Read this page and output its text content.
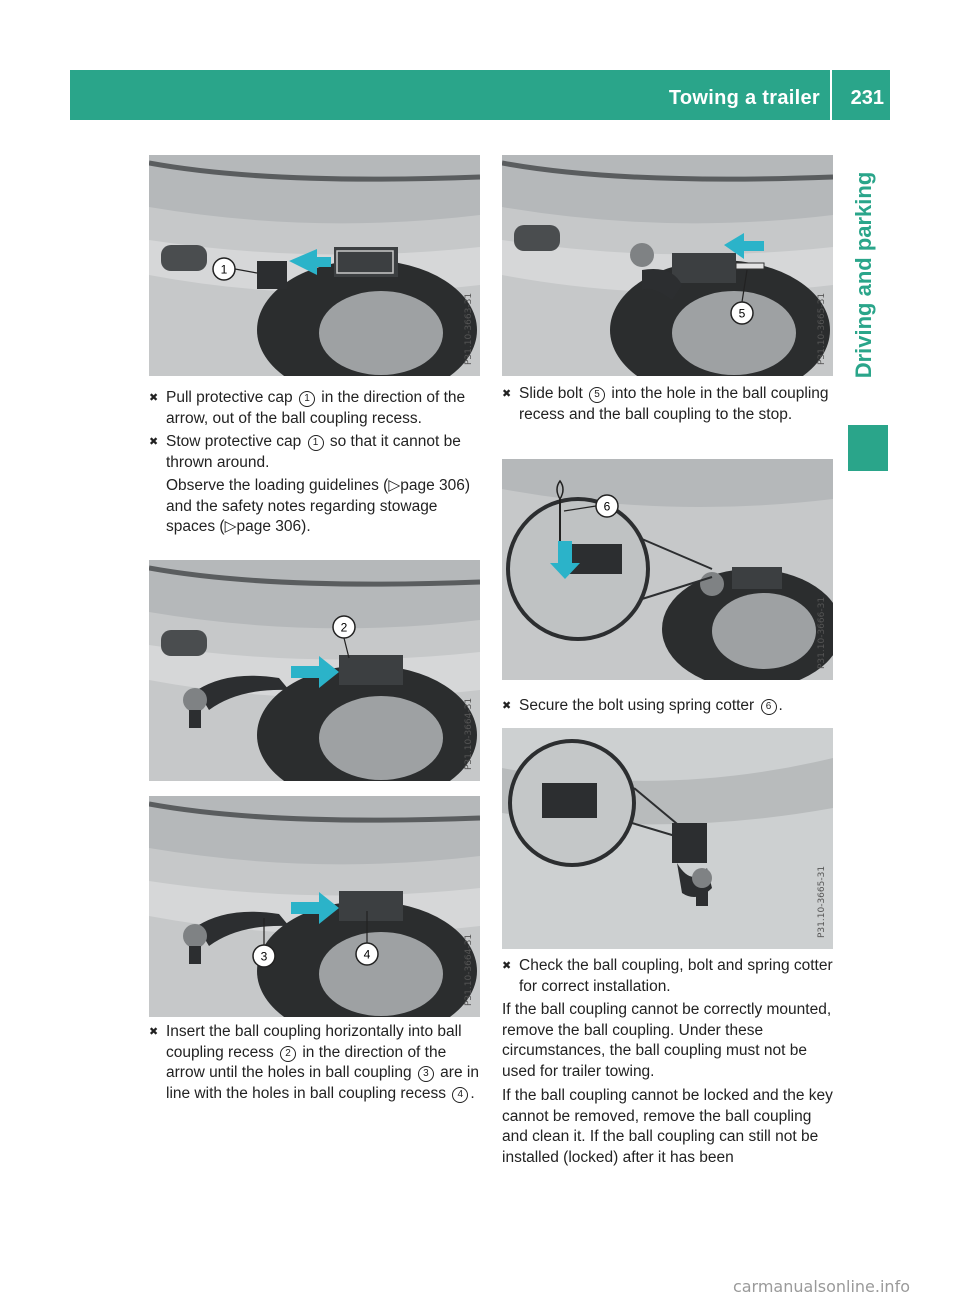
Towing a trailer 231
Driving and parking
1
P31.10-3663-31
✖ Pull protective cap 1 in the direction of the arrow, out of the ball coupling recess.
✖ Stow protective cap 1 so that it cannot be thrown around.
Observe the loading guidelines (▷page 306) and the safety notes regarding stowage spaces (▷page 306).
2
P31.10-3664-31
3	4	P31.10-3664-31
✖ Insert the ball coupling horizontally into ball coupling recess 2 in the direction of the arrow until the holes in ball coupling 3 are in line with the holes in ball coupling recess 4 .
5	P31.10-3665-31
✖ Slide bolt 5 into the hole in the ball coupling recess and the ball coupling to the stop.
6
P31.10-3666-31
✖ Secure the bolt using spring cotter 6 .
P31.10-3665-31
✖ Check the ball coupling, bolt and spring cotter for correct installation.

If the ball coupling cannot be correctly mounted, remove the ball coupling. Under these circumstances, the ball coupling must not be used for trailer towing.

If the ball coupling cannot be locked and the key cannot be removed, remove the ball coupling and clean it. If the ball coupling can still not be installed (locked) after it has been

carmanualsonline.info
